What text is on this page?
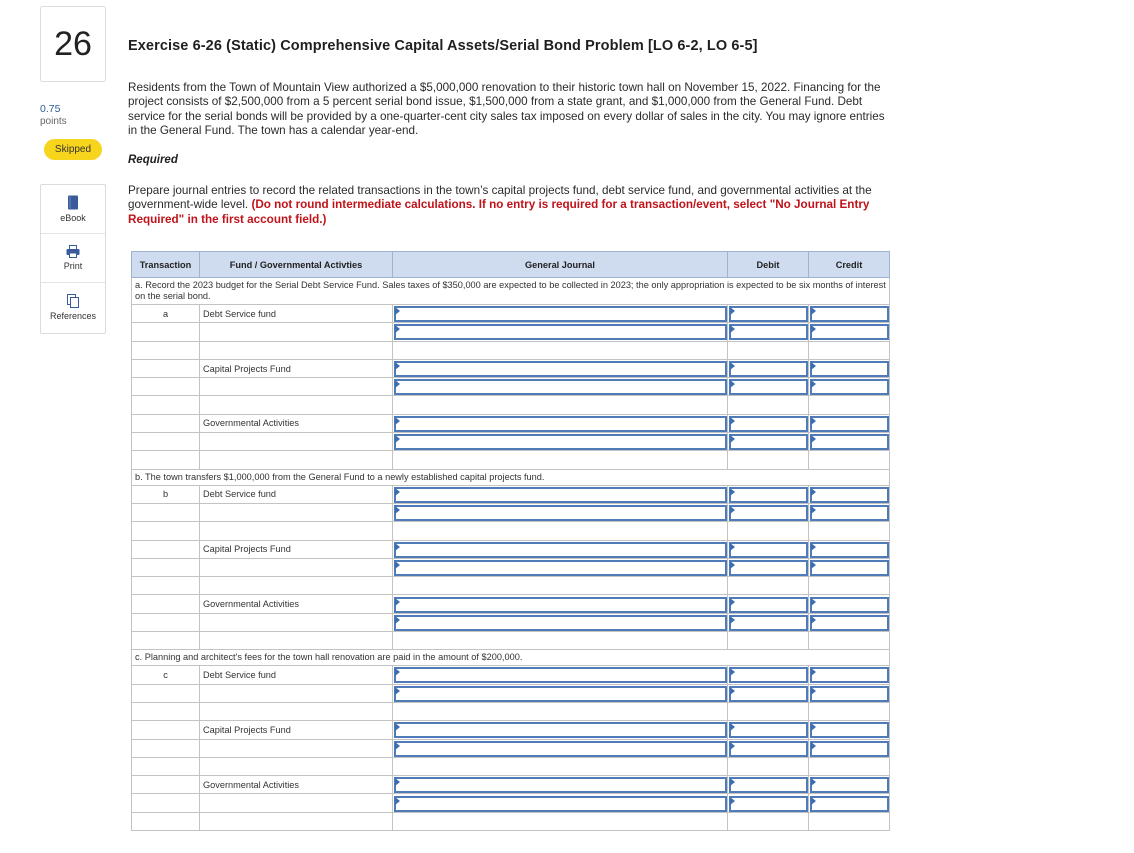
26
0.75
points
Skipped
eBook
Print
References
Exercise 6-26 (Static) Comprehensive Capital Assets/Serial Bond Problem [LO 6-2, LO 6-5]
Residents from the Town of Mountain View authorized a $5,000,000 renovation to their historic town hall on November 15, 2022. Financing for the project consists of $2,500,000 from a 5 percent serial bond issue, $1,500,000 from a state grant, and $1,000,000 from the General Fund. Debt service for the serial bonds will be provided by a one-quarter-cent city sales tax imposed on every dollar of sales in the city. You may ignore entries in the General Fund. The town has a calendar year-end.
Required
Prepare journal entries to record the related transactions in the town’s capital projects fund, debt service fund, and governmental activities at the government-wide level. (Do not round intermediate calculations. If no entry is required for a transaction/event, select "No Journal Entry Required" in the first account field.)
Transaction	Fund / Governmental Activties	General Journal	Debit	Credit
a. Record the 2023 budget for the Serial Debt Service Fund. Sales taxes of $350,000 are expected to be collected in 2023; the only appropriation is expected to be six months of interest on the serial bond.				
a	Debt Service fund	

	Capital Projects Fund	

	Governmental Activities	

b. The town transfers $1,000,000 from the General Fund to a newly established capital projects fund.				
b	Debt Service fund	

	Capital Projects Fund	

	Governmental Activities	

c. Planning and architect's fees for the town hall renovation are paid in the amount of $200,000.				
c	Debt Service fund	

	Capital Projects Fund	

	Governmental Activities	
